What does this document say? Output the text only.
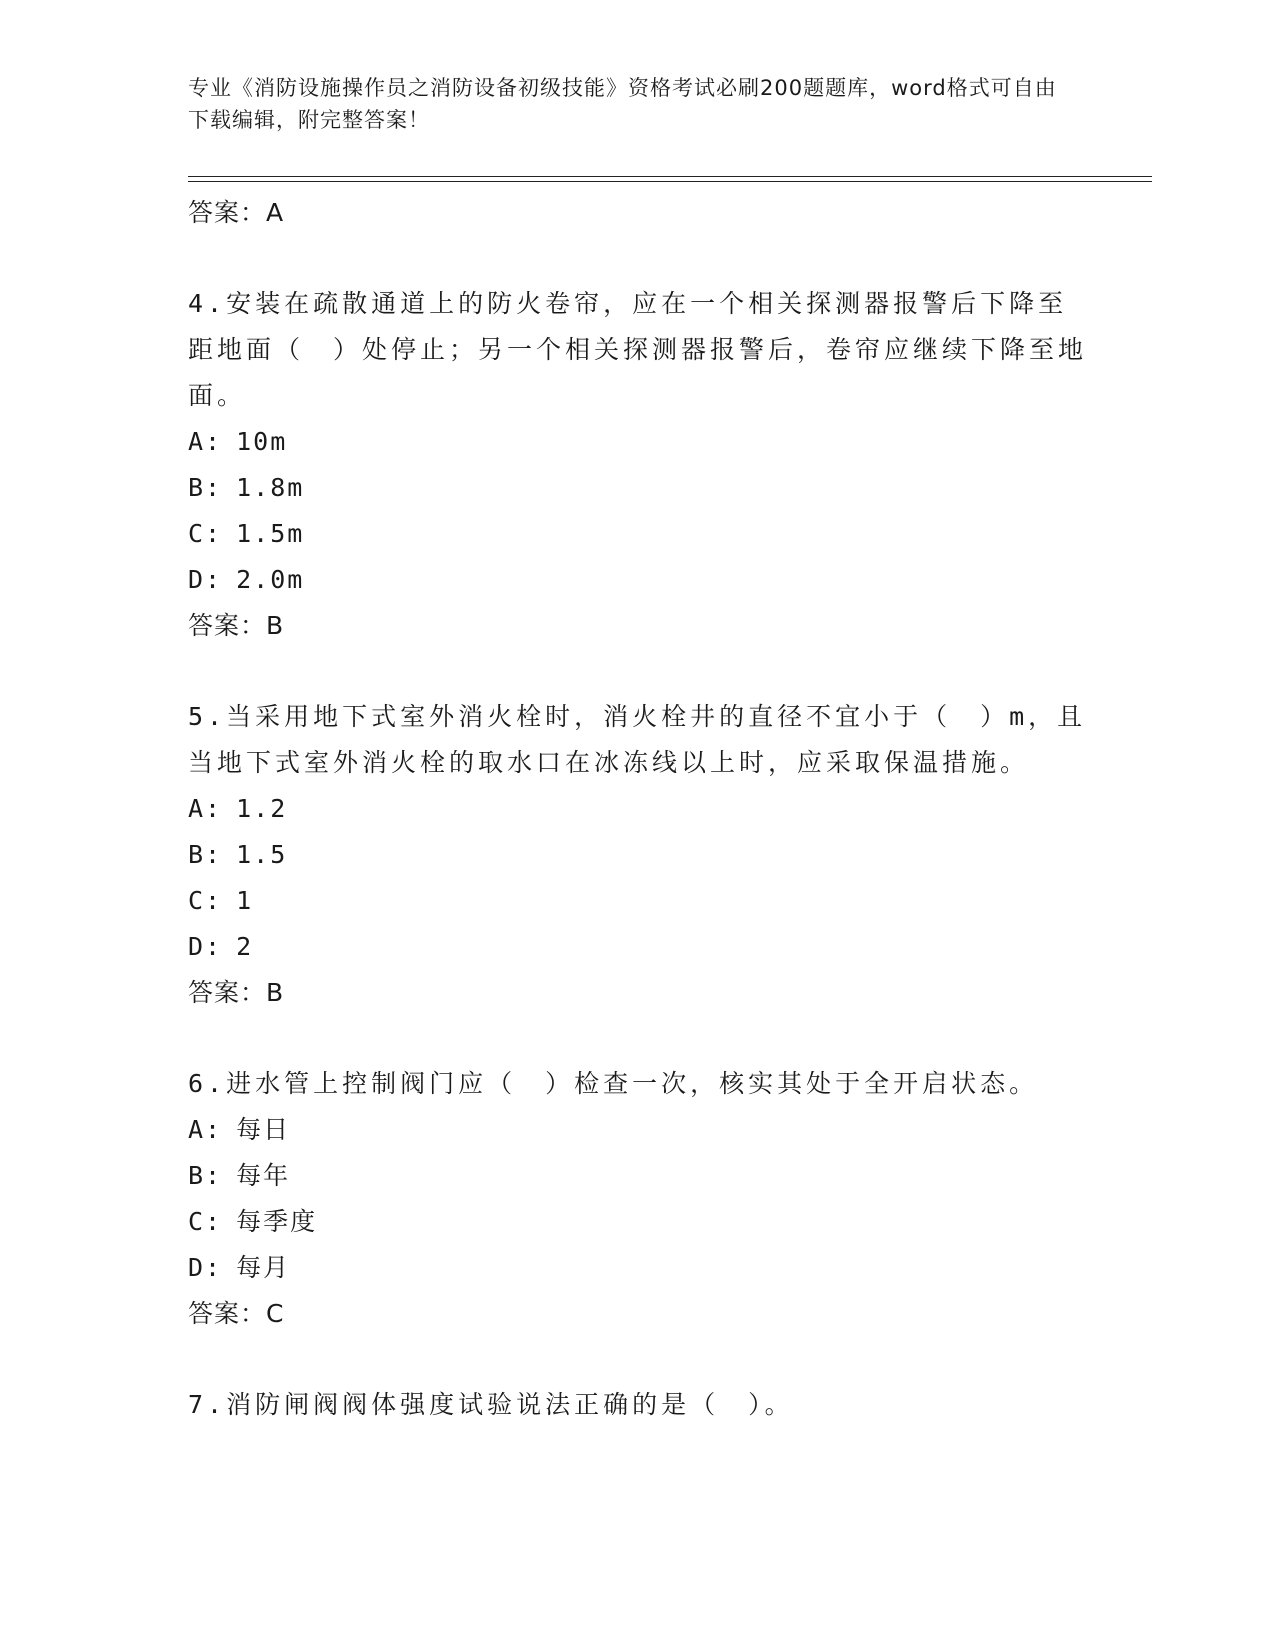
专业《消防设施操作员之消防设备初级技能》资格考试必刷200题题库，word格式可自由下载编辑，附完整答案！
答案：A
4.安装在疏散通道上的防火卷帘，应在一个相关探测器报警后下降至距地面（　）处停止；另一个相关探测器报警后，卷帘应继续下降至地面。
A: 10m
B: 1.8m
C: 1.5m
D: 2.0m
答案：B
5.当采用地下式室外消火栓时，消火栓井的直径不宜小于（　）m，且当地下式室外消火栓的取水口在冰冻线以上时，应采取保温措施。
A: 1.2
B: 1.5
C: 1
D: 2
答案：B
6.进水管上控制阀门应（　）检查一次，核实其处于全开启状态。
A: 每日
B: 每年
C: 每季度
D: 每月
答案：C
7.消防闸阀阀体强度试验说法正确的是（　）。
